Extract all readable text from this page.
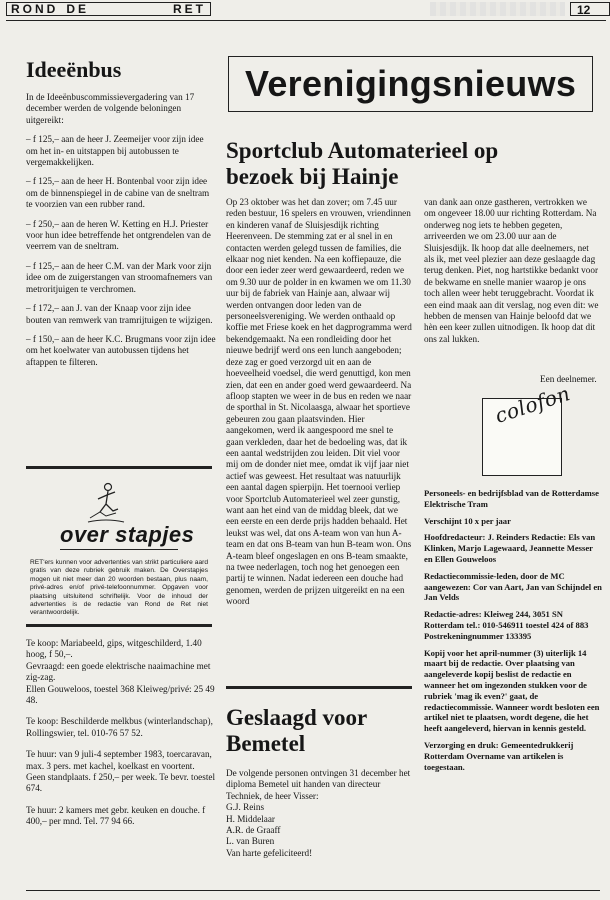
ROND DE	RET	12
Ideeënbus

In de Ideeënbuscommissievergadering van 17 december werden de volgende beloningen uitgereikt:

– f 125,– aan de heer J. Zeemeijer voor zijn idee om het in- en uitstappen bij autobussen te vergemakkelijken.

– f 125,– aan de heer H. Bontenbal voor zijn idee om de binnenspiegel in de cabine van de sneltram te voorzien van een rubber rand.

– f 250,– aan de heren W. Ketting en H.J. Priester voor hun idee betreffende het ontgrendelen van de veerrem van de sneltram.

– f 125,– aan de heer C.M. van der Mark voor zijn idee om de zuigerstangen van stroomafnemers van metroritjuigen te verchromen.

– f 172,– aan J. van der Knaap voor zijn idee bouten van remwerk van tramrijtuigen te wijzigen.

– f 150,– aan de heer K.C. Brugmans voor zijn idee om het koelwater van autobussen tijdens het aftappen te filteren.

over stapjes
RET'ers kunnen voor advertenties van strikt particuliere aard gratis van deze rubriek gebruik maken. De Overstapjes mogen uit niet meer dan 20 woorden bestaan, plus naam, privé-adres en/of privé-telefoonnummer. Opgaven voor plaatsing uitsluitend schriftelijk. Voor de inhoud der advertenties is de redactie van Rond de Ret niet verantwoordelijk.
Te koop: Mariabeeld, gips, witgeschilderd, 1.40 hoog, f 50,–.
Gevraagd: een goede elektrische naaimachine met zig-zag.
Ellen Gouweloos, toestel 368 Kleiweg/privé: 25 49 48.
Te koop: Beschilderde melkbus (winterlandschap), Rollingswier, tel. 010-76 57 52.
Te huur: van 9 juli-4 september 1983, toercaravan, max. 3 pers. met kachel, koelkast en voortent. Geen standplaats. f 250,– per week. Te bevr. toestel 674.
Te huur: 2 kamers met gebr. keuken en douche. f 400,– per mnd. Tel. 77 94 66.
Verenigingsnieuws
Sportclub Automaterieel op
bezoek bij Hainje
Op 23 oktober was het dan zover; om 7.45 uur reden bestuur, 16 spelers en vrouwen, vriendinnen en kinderen vanaf de Sluisjesdijk richting Heerenveen. De stemming zat er al snel in en contacten werden gelegd tussen de families, die elkaar nog niet kenden. Na een koffiepauze, die door een ieder zeer werd gewaardeerd, reden we om 9.30 uur de polder in en kwamen we om 11.30 uur bij de fabriek van Hainje aan, alwaar wij werden ontvangen door leden van de personeelsvereniging. We werden onthaald op koffie met Friese koek en het dagprogramma werd bekendgemaakt. Na een rondleiding door het nieuwe bedrijf werd ons een lunch aangeboden; deze zag er goed verzorgd uit en aan de hoeveelheid voedsel, die werd genuttigd, kon men zien, dat een en ander goed werd gewaardeerd. Na afloop stapten we weer in de bus en reden we naar de sporthal in St. Nicolaasga, alwaar het sportieve gebeuren zou gaan plaatsvinden. Hier aangekomen, werd ik aangespoord me snel te gaan verkleden, daar het de bedoeling was, dat ik een aantal wedstrijden zou leiden. Dit viel voor mij om de donder niet mee, omdat ik vijf jaar niet actief was geweest. Het resultaat was natuurlijk een aantal dagen spierpijn. Het toernooi verliep voor Sportclub Automaterieel wel zeer gunstig, want aan het eind van de middag bleek, dat we een eerste en een derde prijs hadden behaald. Het leukst was wel, dat ons A-team won van hun A-team en dat ons B-team van hun B-team won. Ons A-team bleef ongeslagen en ons B-team smaakte, na twee nederlagen, toch nog het genoegen een partij te winnen. Nadat iedereen een douche had genomen, werden de prijzen uitgereikt en na een woord
van dank aan onze gastheren, vertrokken we om ongeveer 18.00 uur richting Rotterdam. Na onderweg nog iets te hebben gegeten, arriveerden we om 23.00 uur aan de Sluisjesdijk. Ik hoop dat alle deelnemers, net als ik, met veel plezier aan deze geslaagde dag terug denken. Piet, nog hartstikke bedankt voor de bekwame en snelle manier waarop je ons toch allen weer hebt teruggebracht. Voordat ik een eind maak aan dit verslag, nog even dit: we hebben de mensen van Hainje beloofd dat we hèn een keer zullen uitnodigen. Ik hoop dat dit ons zal lukken.
Een deelnemer.
Geslaagd voor
Bemetel
De volgende personen ontvingen 31 december het diploma Bemetel uit handen van directeur Techniek, de heer Visser:
G.J. Reins
H. Middelaar
A.R. de Graaff
L. van Buren
Van harte gefeliciteerd!
colofon

Personeels- en bedrijfsblad van de Rotterdamse Elektrische Tram

Verschijnt 10 x per jaar

Hoofdredacteur: J. Reinders Redactie: Els van Klinken, Marjo Lagewaard, Jeannette Messer en Ellen Gouweloos

Redactiecommissie-leden, door de MC aangewezen: Cor van Aart, Jan van Schijndel en Jan Velds

Redactie-adres: Kleiweg 244, 3051 SN Rotterdam tel.: 010-546911 toestel 424 of 883 Postrekeningnummer 133395

Kopij voor het april-nummer (3) uiterlijk 14 maart bij de redactie. Over plaatsing van aangeleverde kopij beslist de redactie en wanneer het om ingezonden stukken voor de rubriek 'mag ik even?' gaat, de redactiecommissie. Wanneer wordt besloten een artikel niet te plaatsen, wordt degene, die het heeft aangeleverd, hiervan in kennis gesteld.

Verzorging en druk: Gemeentedrukkerij Rotterdam Overname van artikelen is toegestaan.
